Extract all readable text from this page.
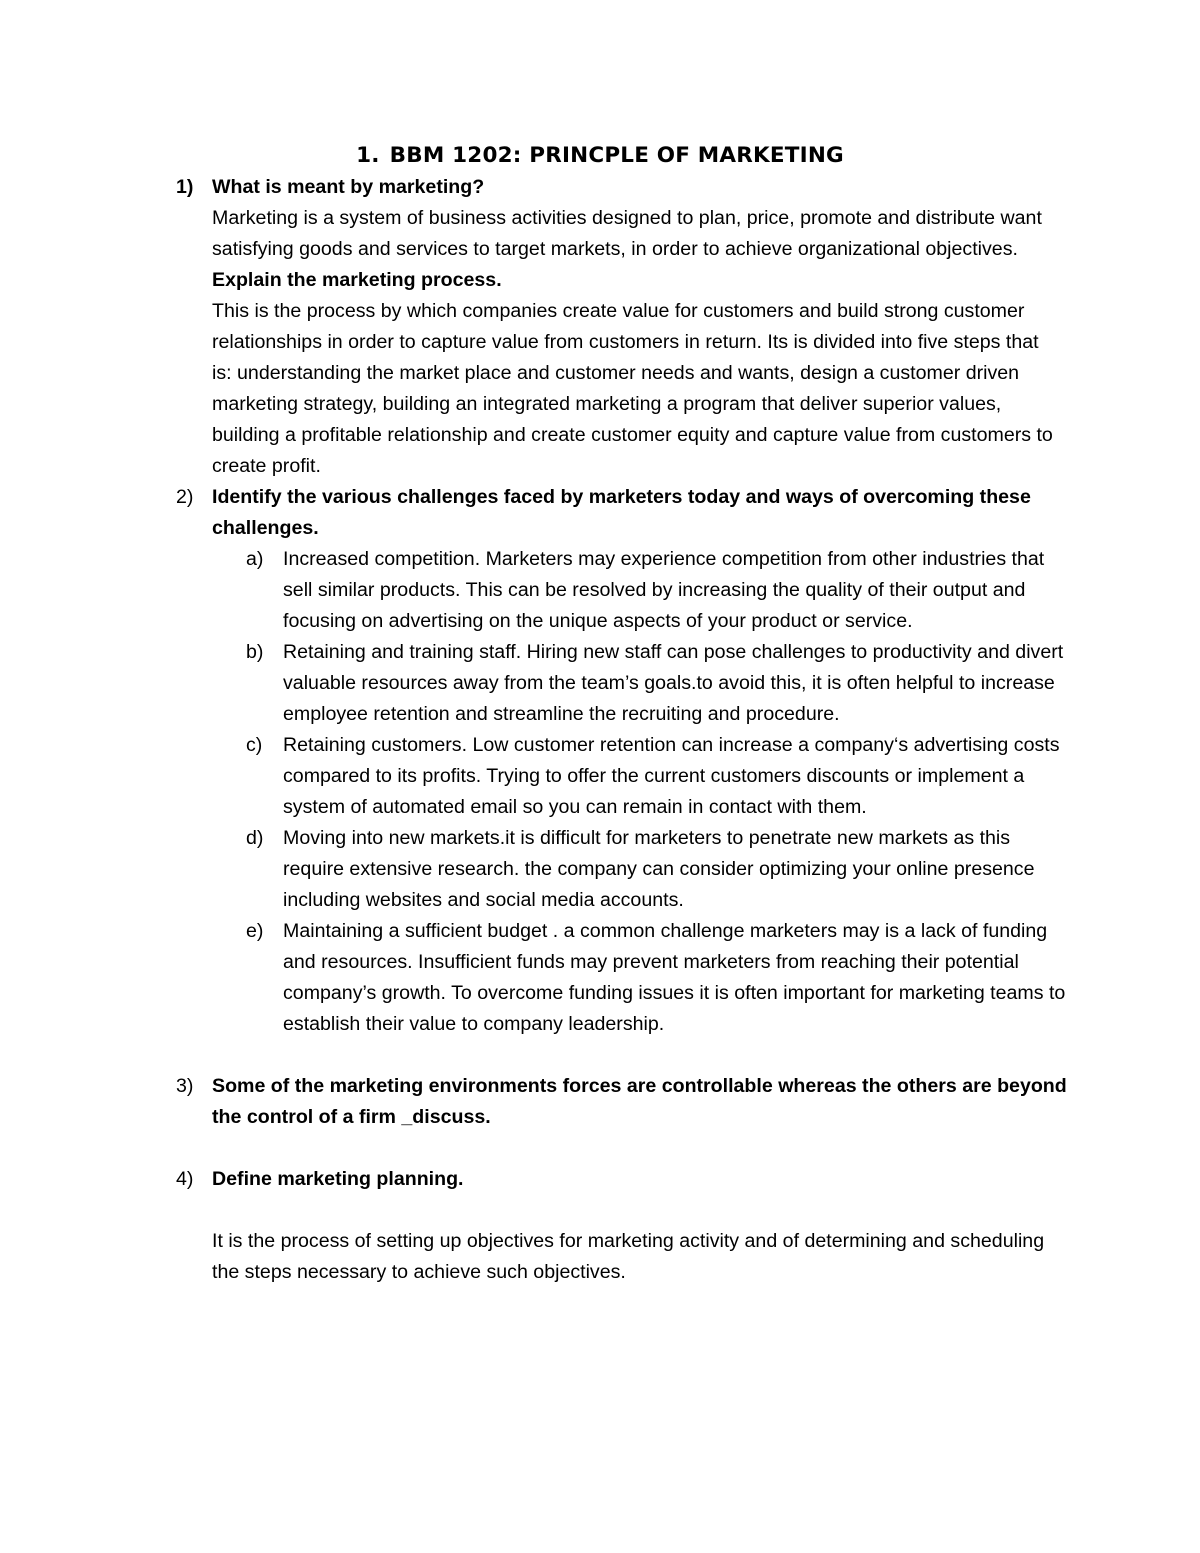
1. BBM 1202: PRINCPLE OF MARKETING
1) What is meant by marketing?
Marketing is a system of business activities designed to plan, price, promote and distribute want satisfying goods and services to target markets, in order to achieve organizational objectives.
Explain the marketing process.
This is the process by which companies create value for customers and build strong customer relationships in order to capture value from customers in return. Its is divided into five steps that is: understanding the market place and customer needs and wants, design a customer driven marketing strategy, building an integrated marketing a program that deliver superior values, building a profitable relationship and create customer equity and capture value from customers to create profit.
2) Identify the various challenges faced by marketers today and ways of overcoming these challenges.
a) Increased competition. Marketers may experience competition from other industries that sell similar products. This can be resolved by increasing the quality of their output and focusing on advertising on the unique aspects of your product or service.
b) Retaining and training staff. Hiring new staff can pose challenges to productivity and divert valuable resources away from the team’s goals.to avoid this, it is often helpful to increase employee retention and streamline the recruiting and procedure.
c) Retaining customers. Low customer retention can increase a company‘s advertising costs compared to its profits. Trying to offer the current customers discounts or implement a system of automated email so you can remain in contact with them.
d) Moving into new markets.it is difficult for marketers to penetrate new markets as this require extensive research. the company can consider optimizing your online presence including websites and social media accounts.
e) Maintaining a sufficient budget . a common challenge marketers may is a lack of funding and resources. Insufficient funds may prevent marketers from reaching their potential company’s growth. To overcome funding issues it is often important for marketing teams to establish their value to company leadership.
3) Some of the marketing environments forces are controllable whereas the others are beyond the control of a firm _discuss.
4) Define marketing planning.
It is the process of setting up objectives for marketing activity and of determining and scheduling the steps necessary to achieve such objectives.
